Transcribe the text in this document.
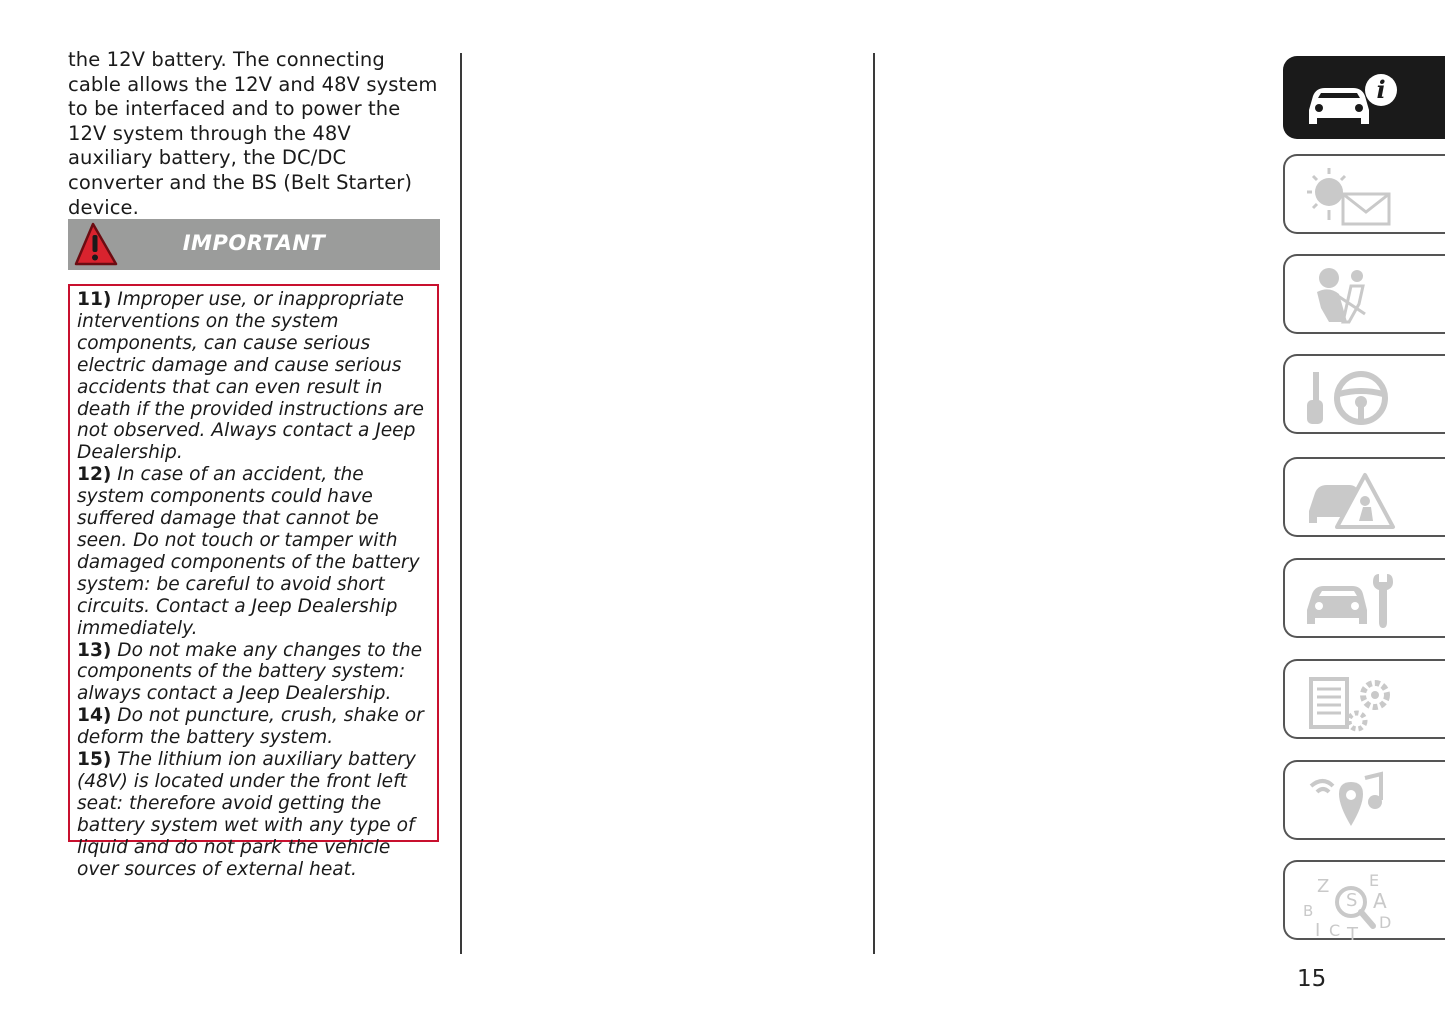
the 12V battery. The connecting cable allows the 12V and 48V system to be interfaced and to power the 12V system through the 48V auxiliary battery, the DC/DC converter and the BS (Belt Starter) device.
IMPORTANT
11) Improper use, or inappropriate interventions on the system components, can cause serious electric damage and cause serious accidents that can even result in death if the provided instructions are not observed. Always contact a Jeep Dealership.
12) In case of an accident, the system components could have suffered damage that cannot be seen. Do not touch or tamper with damaged components of the battery system: be careful to avoid short circuits. Contact a Jeep Dealership immediately.
13) Do not make any changes to the components of the battery system: always contact a Jeep Dealership.
14) Do not puncture, crush, shake or deform the battery system.
15) The lithium ion auxiliary battery (48V) is located under the front left seat: therefore avoid getting the battery system wet with any type of liquid and do not park the vehicle over sources of external heat.
i
Z E
S A
B
D
I C T
15
